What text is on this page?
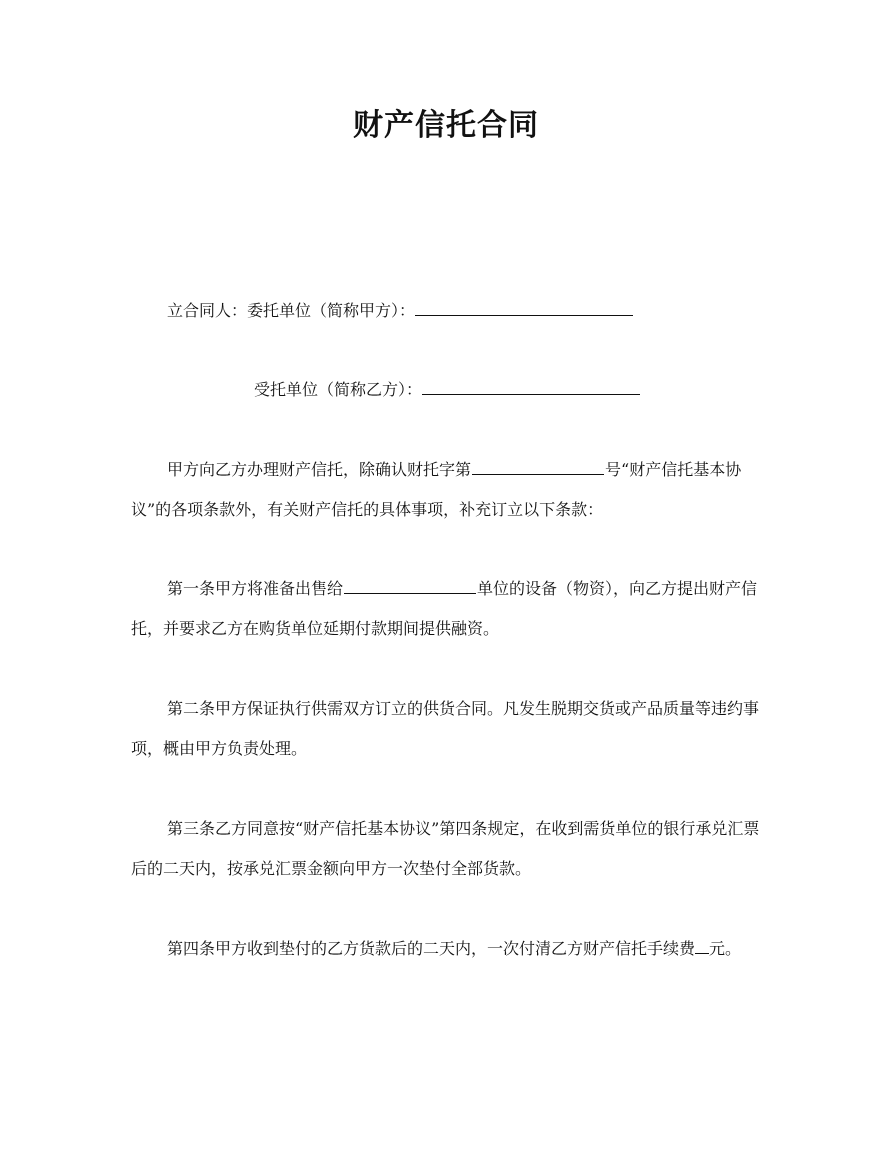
财产信托合同

立合同人：委托单位（简称甲方）：

受托单位（简称乙方）：

甲方向乙方办理财产信托，除确认财托字第	号“财产信托基本协议”的各项条款外，有关财产信托的具体事项，补充订立以下条款：

第一条甲方将准备出售给	单位的设备（物资），向乙方提出财产信托，并要求乙方在购货单位延期付款期间提供融资。

第二条甲方保证执行供需双方订立的供货合同。凡发生脱期交货或产品质量等违约事项，概由甲方负责处理。

第三条乙方同意按“财产信托基本协议”第四条规定，在收到需货单位的银行承兑汇票后的二天内，按承兑汇票金额向甲方一次垫付全部货款。

第四条甲方收到垫付的乙方货款后的二天内，一次付清乙方财产信托手续费 元。
